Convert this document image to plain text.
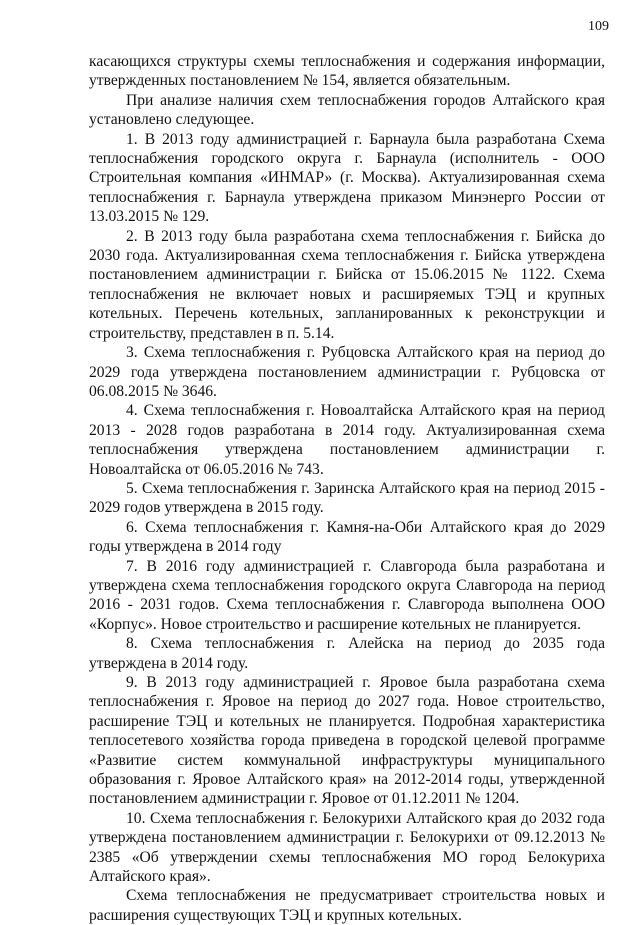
109

касающихся структуры схемы теплоснабжения и содержания информации, утвержденных постановлением № 154, является обязательным.

При анализе наличия схем теплоснабжения городов Алтайского края установлено следующее.

1. В 2013 году администрацией г. Барнаула была разработана Схема теплоснабжения городского округа г. Барнаула (исполнитель - ООО Строительная компания «ИНМАР» (г. Москва). Актуализированная схема теплоснабжения г. Барнаула утверждена приказом Минэнерго России от 13.03.2015 № 129.

2. В 2013 году была разработана схема теплоснабжения г. Бийска до 2030 года. Актуализированная схема теплоснабжения г. Бийска утверждена постановлением администрации г. Бийска от 15.06.2015 № 1122. Схема теплоснабжения не включает новых и расширяемых ТЭЦ и крупных котельных. Перечень котельных, запланированных к реконструкции и строительству, представлен в п. 5.14.

3. Схема теплоснабжения г. Рубцовска Алтайского края на период до 2029 года утверждена постановлением администрации г. Рубцовска от 06.08.2015 № 3646.

4. Схема теплоснабжения г. Новоалтайска Алтайского края на период 2013 - 2028 годов разработана в 2014 году. Актуализированная схема теплоснабжения утверждена постановлением администрации г. Новоалтайска от 06.05.2016 № 743.

5. Схема теплоснабжения г. Заринска Алтайского края на период 2015 - 2029 годов утверждена в 2015 году.

6. Схема теплоснабжения г. Камня-на-Оби Алтайского края до 2029 годы утверждена в 2014 году

7. В 2016 году администрацией г. Славгорода была разработана и утверждена схема теплоснабжения городского округа Славгорода на период 2016 - 2031 годов. Схема теплоснабжения г. Славгорода выполнена ООО «Корпус». Новое строительство и расширение котельных не планируется.

8. Схема теплоснабжения г. Алейска на период до 2035 года утверждена в 2014 году.

9. В 2013 году администрацией г. Яровое была разработана схема теплоснабжения г. Яровое на период до 2027 года. Новое строительство, расширение ТЭЦ и котельных не планируется. Подробная характеристика теплосетевого хозяйства города приведена в городской целевой программе «Развитие систем коммунальной инфраструктуры муниципального образования г. Яровое Алтайского края» на 2012-2014 годы, утвержденной постановлением администрации г. Яровое от 01.12.2011 № 1204.

10. Схема теплоснабжения г. Белокурихи Алтайского края до 2032 года утверждена постановлением администрации г. Белокурихи от 09.12.2013 № 2385 «Об утверждении схемы теплоснабжения МО город Белокуриха Алтайского края».

Схема теплоснабжения не предусматривает строительства новых и расширения существующих ТЭЦ и крупных котельных.
